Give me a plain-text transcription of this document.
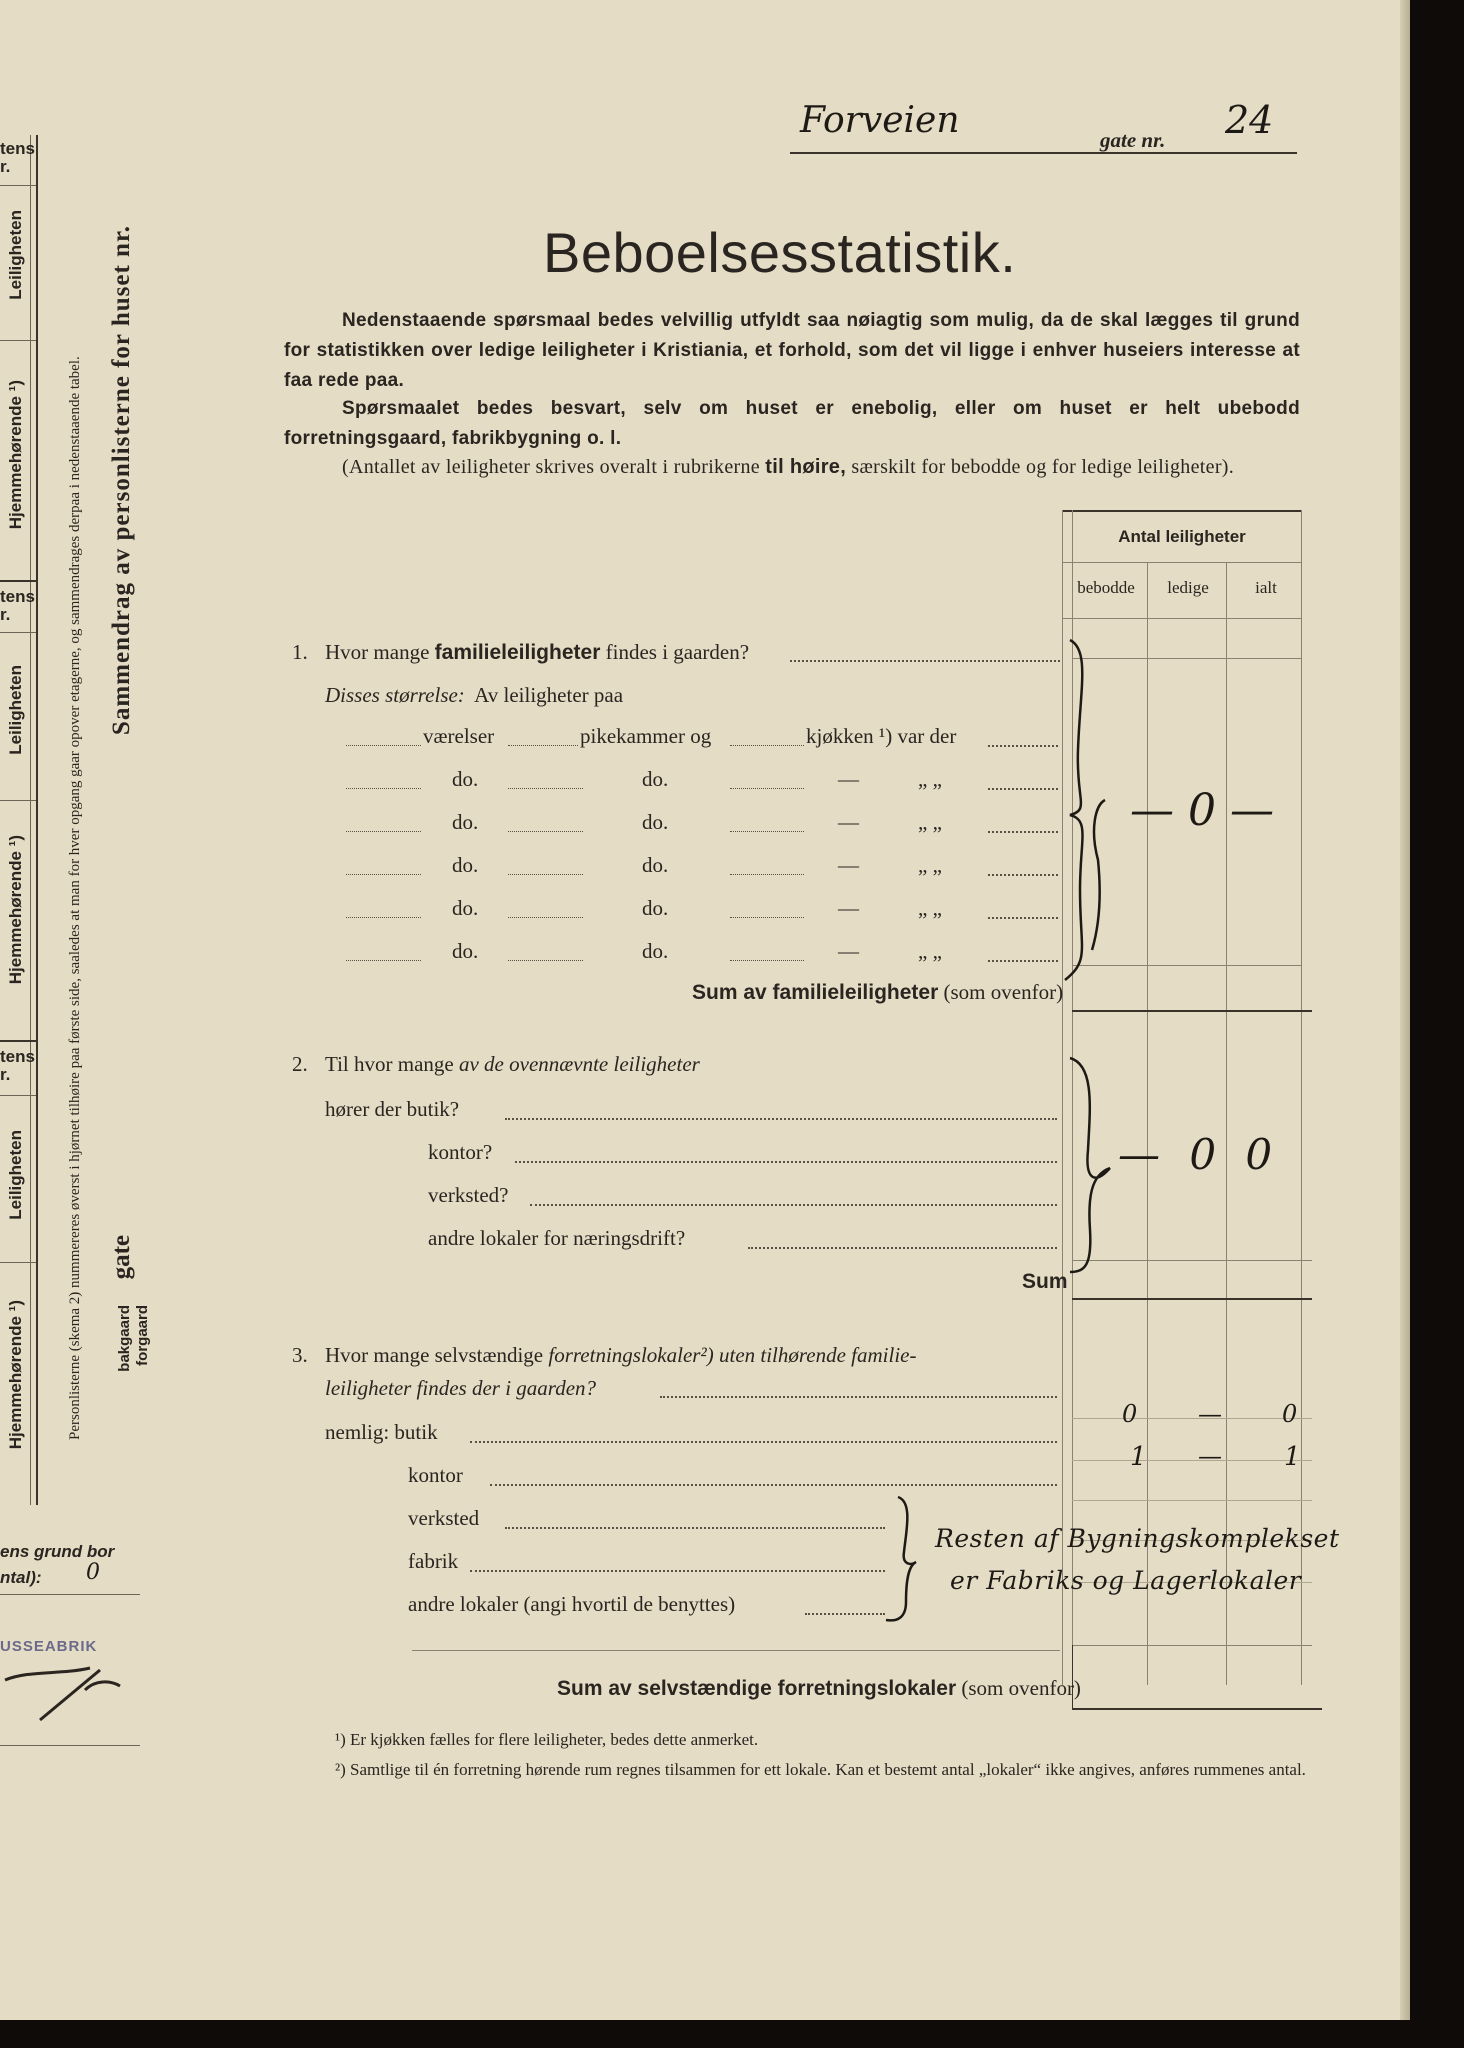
tens r.
Leiligheten
Hjemmehørende ¹)
tens r.
Leiligheten
Hjemmehørende ¹)
tens r.
Leiligheten
Hjemmehørende ¹)
Sammendrag av personlisterne for huset nr.
gate
forgaard
bakgaard
Personlisterne (skema 2) nummereres øverst i hjørnet tilhøire paa første side, saaledes at man for hver opgang gaar opover etagerne, og sammendrages derpaa i nedenstaaende tabel.
ens grund bor
ntal): 0
USSEABRIK
Forveien	gate nr. 24
Beboelsesstatistik.
Nedenstaaende spørsmaal bedes velvillig utfyldt saa nøiagtig som mulig, da de skal lægges til grund for statistikken over ledige leiligheter i Kristiania, et forhold, som det vil ligge i enhver huseiers interesse at faa rede paa.
Spørsmaalet bedes besvart, selv om huset er enebolig, eller om huset er helt ubebodd forretningsgaard, fabrikbygning o. l.
(Antallet av leiligheter skrives overalt i rubrikerne til høire, særskilt for bebodde og for ledige leiligheter).
Antal leiligheter
bebodde	ledige	ialt
1. Hvor mange familieleiligheter findes i gaarden?
Disses størrelse: Av leiligheter paa
værelser	pikekammer og	kjøkken ¹) var der
do.	do.	—	„ „
do.	do.	—	„ „
do.	do.	—	„ „
do.	do.	—	„ „
do.	do.	—	„ „
Sum av familieleiligheter (som ovenfor)
— 0 —
2. Til hvor mange av de ovennævnte leiligheter
hører der butik?
kontor?
verksted?
andre lokaler for næringsdrift?
Sum
— 0 0
3. Hvor mange selvstændige forretningslokaler²) uten tilhørende familie-
leiligheter findes der i gaarden?
nemlig: butik
kontor
verksted
fabrik
andre lokaler (angi hvortil de benyttes)
0	—	0
1 — 1
Resten af Bygningskomplekset
er Fabriks og Lagerlokaler
Sum av selvstændige forretningslokaler (som ovenfor)
¹) Er kjøkken fælles for flere leiligheter, bedes dette anmerket.
²) Samtlige til én forretning hørende rum regnes tilsammen for ett lokale. Kan et bestemt antal „lokaler“ ikke angives, anføres rummenes antal.
